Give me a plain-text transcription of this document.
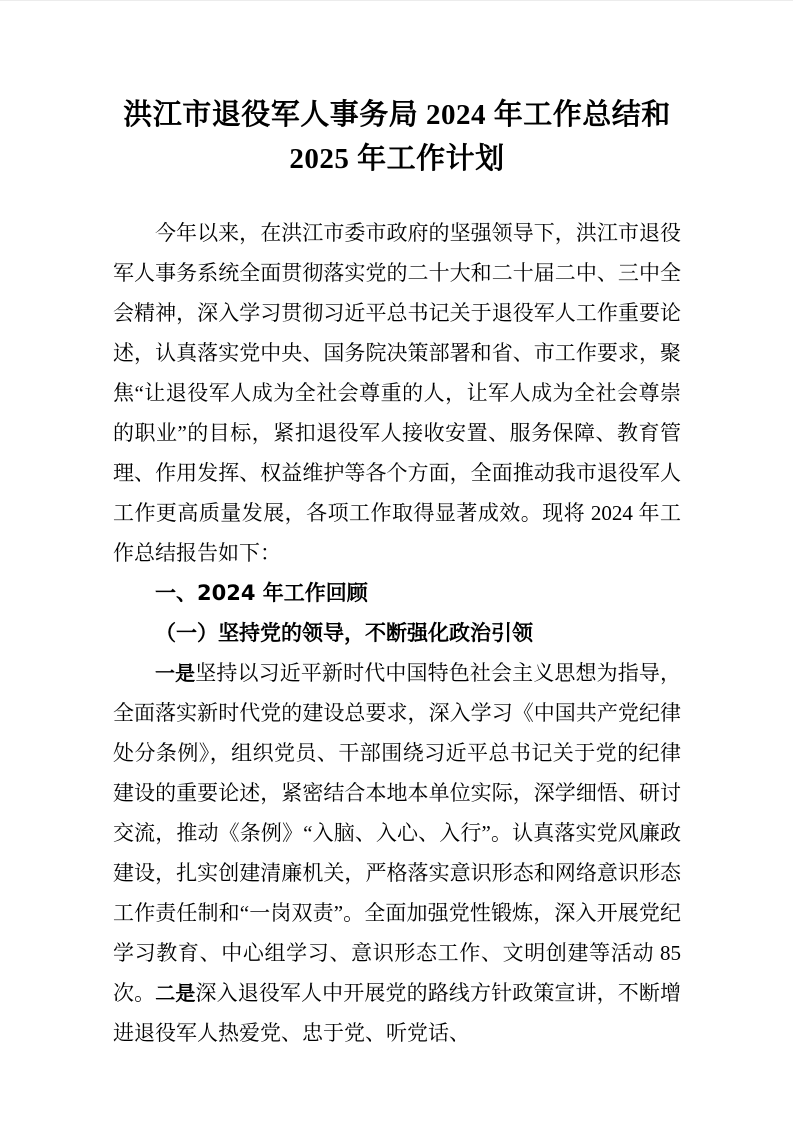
洪江市退役军人事务局 2024 年工作总结和
2025 年工作计划

今年以来，在洪江市委市政府的坚强领导下，洪江市退役军人事务系统全面贯彻落实党的二十大和二十届二中、三中全会精神，深入学习贯彻习近平总书记关于退役军人工作重要论述，认真落实党中央、国务院决策部署和省、市工作要求，聚焦“让退役军人成为全社会尊重的人，让军人成为全社会尊崇的职业”的目标，紧扣退役军人接收安置、服务保障、教育管理、作用发挥、权益维护等各个方面，全面推动我市退役军人工作更高质量发展，各项工作取得显著成效。现将 2024 年工作总结报告如下：

一、2024 年工作回顾
（一）坚持党的领导，不断强化政治引领

一是坚持以习近平新时代中国特色社会主义思想为指导，全面落实新时代党的建设总要求，深入学习《中国共产党纪律处分条例》，组织党员、干部围绕习近平总书记关于党的纪律建设的重要论述，紧密结合本地本单位实际，深学细悟、研讨交流，推动《条例》“入脑、入心、入行”。认真落实党风廉政建设，扎实创建清廉机关，严格落实意识形态和网络意识形态工作责任制和“一岗双责”。全面加强党性锻炼，深入开展党纪学习教育、中心组学习、意识形态工作、文明创建等活动 85 次。二是深入退役军人中开展党的路线方针政策宣讲，不断增进退役军人热爱党、忠于党、听党话、
